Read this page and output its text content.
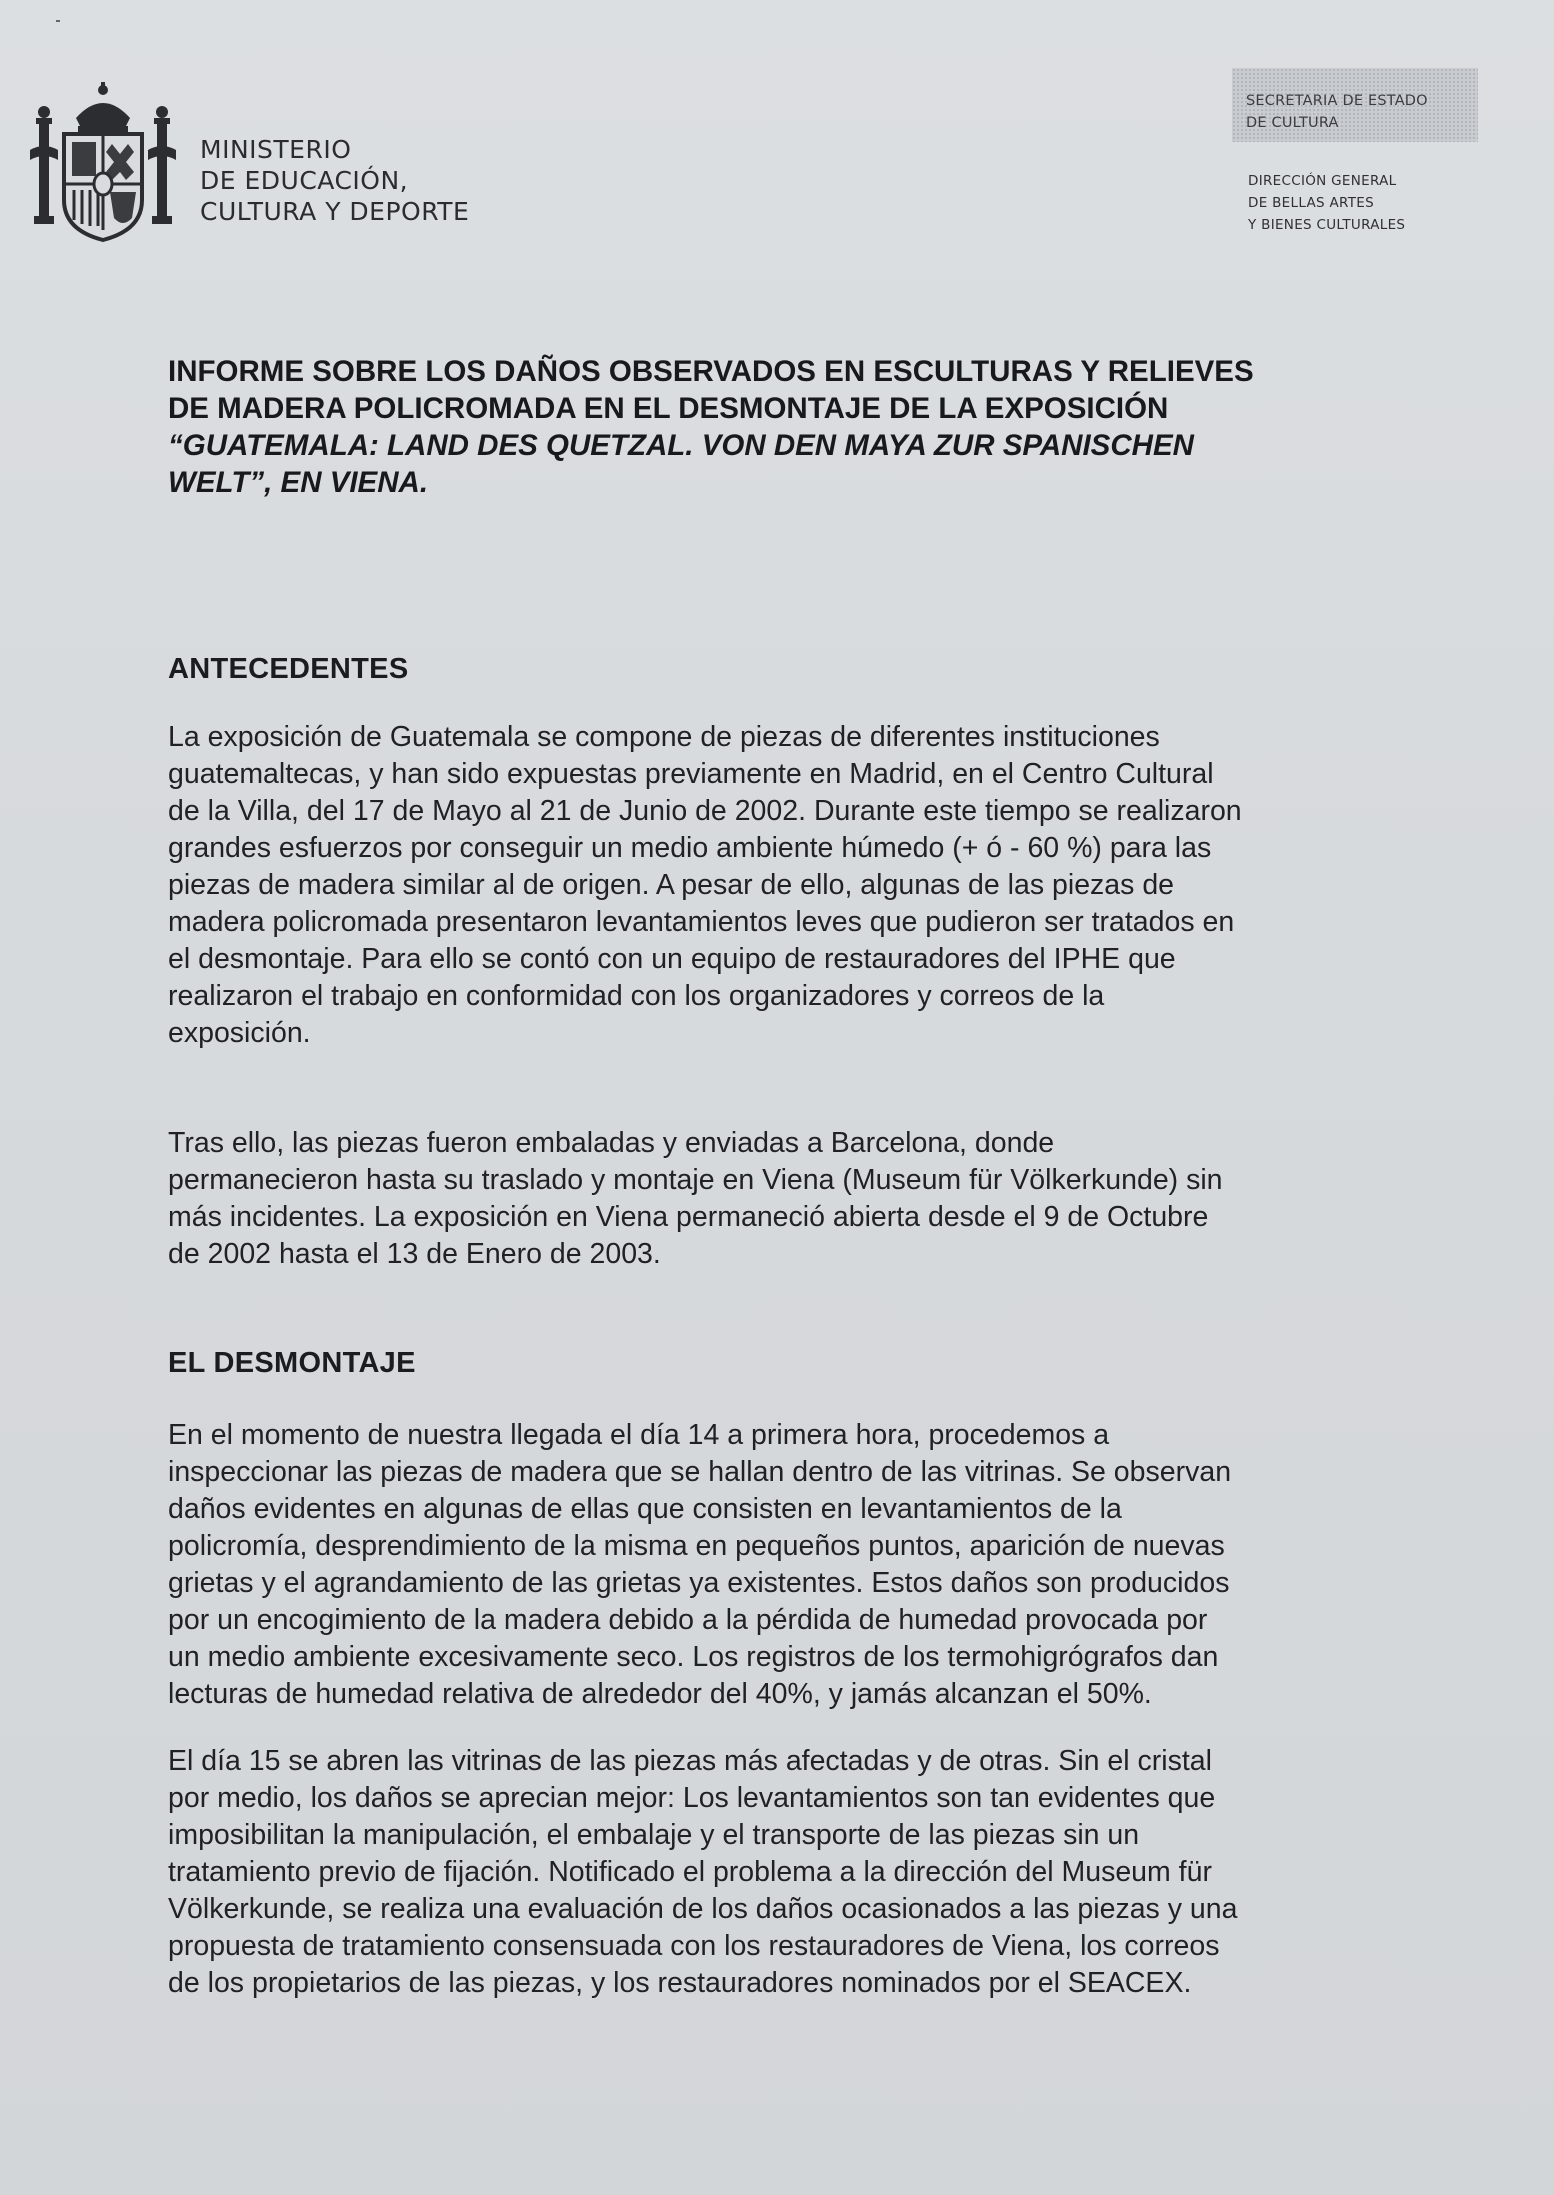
MINISTERIO
DE EDUCACIÓN,
CULTURA Y DEPORTE
SECRETARIA DE ESTADO
DE CULTURA
DIRECCIÓN GENERAL
DE BELLAS ARTES
Y BIENES CULTURALES
INFORME SOBRE LOS DAÑOS OBSERVADOS EN ESCULTURAS Y RELIEVES
DE MADERA POLICROMADA EN EL DESMONTAJE DE LA EXPOSICIÓN
“GUATEMALA: LAND DES QUETZAL. VON DEN MAYA ZUR SPANISCHEN
WELT”, EN VIENA.
ANTECEDENTES
La exposición de Guatemala se compone de piezas de diferentes instituciones
guatemaltecas, y han sido expuestas previamente en Madrid, en el Centro Cultural
de la Villa, del 17 de Mayo al 21 de Junio de 2002. Durante este tiempo se realizaron
grandes esfuerzos por conseguir un medio ambiente húmedo (+ ó - 60 %) para las
piezas de madera similar al de origen. A pesar de ello, algunas de las piezas de
madera policromada presentaron levantamientos leves que pudieron ser tratados en
el desmontaje. Para ello se contó con un equipo de restauradores del IPHE que
realizaron el trabajo en conformidad con los organizadores y correos de la
exposición.
Tras ello, las piezas fueron embaladas y enviadas a Barcelona, donde
permanecieron hasta su traslado y montaje en Viena (Museum für Völkerkunde) sin
más incidentes. La exposición en Viena permaneció abierta desde el 9 de Octubre
de 2002 hasta el 13 de Enero de 2003.
EL DESMONTAJE
En el momento de nuestra llegada el día 14 a primera hora, procedemos a
inspeccionar las piezas de madera que se hallan dentro de las vitrinas. Se observan
daños evidentes en algunas de ellas que consisten en levantamientos de la
policromía, desprendimiento de la misma en pequeños puntos, aparición de nuevas
grietas y el agrandamiento de las grietas ya existentes. Estos daños son producidos
por un encogimiento de la madera debido a la pérdida de humedad provocada por
un medio ambiente excesivamente seco. Los registros de los termohigrógrafos dan
lecturas de humedad relativa de alrededor del 40%, y jamás alcanzan el 50%.
El día 15 se abren las vitrinas de las piezas más afectadas y de otras. Sin el cristal
por medio, los daños se aprecian mejor: Los levantamientos son tan evidentes que
imposibilitan la manipulación, el embalaje y el transporte de las piezas sin un
tratamiento previo de fijación. Notificado el problema a la dirección del Museum für
Völkerkunde, se realiza una evaluación de los daños ocasionados a las piezas y una
propuesta de tratamiento consensuada con los restauradores de Viena, los correos
de los propietarios de las piezas, y los restauradores nominados por el SEACEX.
